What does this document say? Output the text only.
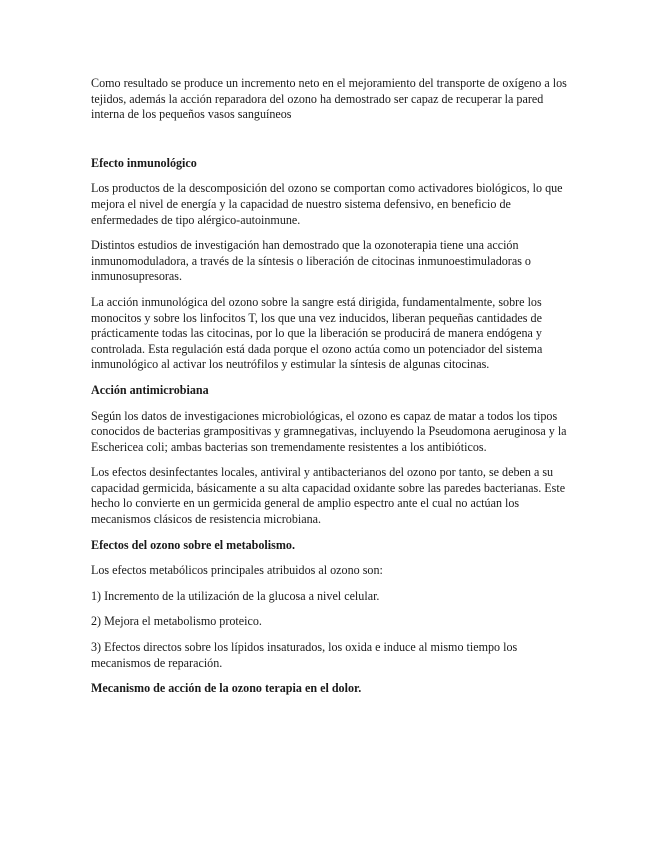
Como resultado se produce un incremento neto en el mejoramiento del transporte de oxígeno a los tejidos, además la acción reparadora del ozono ha demostrado ser capaz de recuperar la pared interna de los pequeños vasos sanguíneos

Efecto inmunológico

Los productos de la descomposición del ozono se comportan como activadores biológicos, lo que mejora el nivel de energía y la capacidad de nuestro sistema defensivo, en beneficio de enfermedades de tipo alérgico-autoinmune.

Distintos estudios de investigación han demostrado que la ozonoterapia tiene una acción inmunomoduladora, a través de la síntesis o liberación de citocinas inmunoestimuladoras o inmunosupresoras.

La acción inmunológica del ozono sobre la sangre está dirigida, fundamentalmente, sobre los monocitos y sobre los linfocitos T, los que una vez inducidos, liberan pequeñas cantidades de prácticamente todas las citocinas, por lo que la liberación se producirá de manera endógena y controlada. Esta regulación está dada porque el ozono actúa como un potenciador del sistema inmunológico al activar los neutrófilos y estimular la síntesis de algunas citocinas.

Acción antimicrobiana

Según los datos de investigaciones microbiológicas, el ozono es capaz de matar a todos los tipos conocidos de bacterias grampositivas y gramnegativas, incluyendo la Pseudomona aeruginosa y la Eschericea coli; ambas bacterias son tremendamente resistentes a los antibióticos.

Los efectos desinfectantes locales, antiviral y antibacterianos del ozono por tanto, se deben a su capacidad germicida, básicamente a su alta capacidad oxidante sobre las paredes bacterianas. Este hecho lo convierte en un germicida general de amplio espectro ante el cual no actúan los mecanismos clásicos de resistencia microbiana.

Efectos del ozono sobre el metabolismo.

Los efectos metabólicos principales atribuidos al ozono son:

1) Incremento de la utilización de la glucosa a nivel celular.

2) Mejora el metabolismo proteico.

3) Efectos directos sobre los lípidos insaturados, los oxida e induce al mismo tiempo los mecanismos de reparación.

Mecanismo de acción de la ozono terapia en el dolor.
